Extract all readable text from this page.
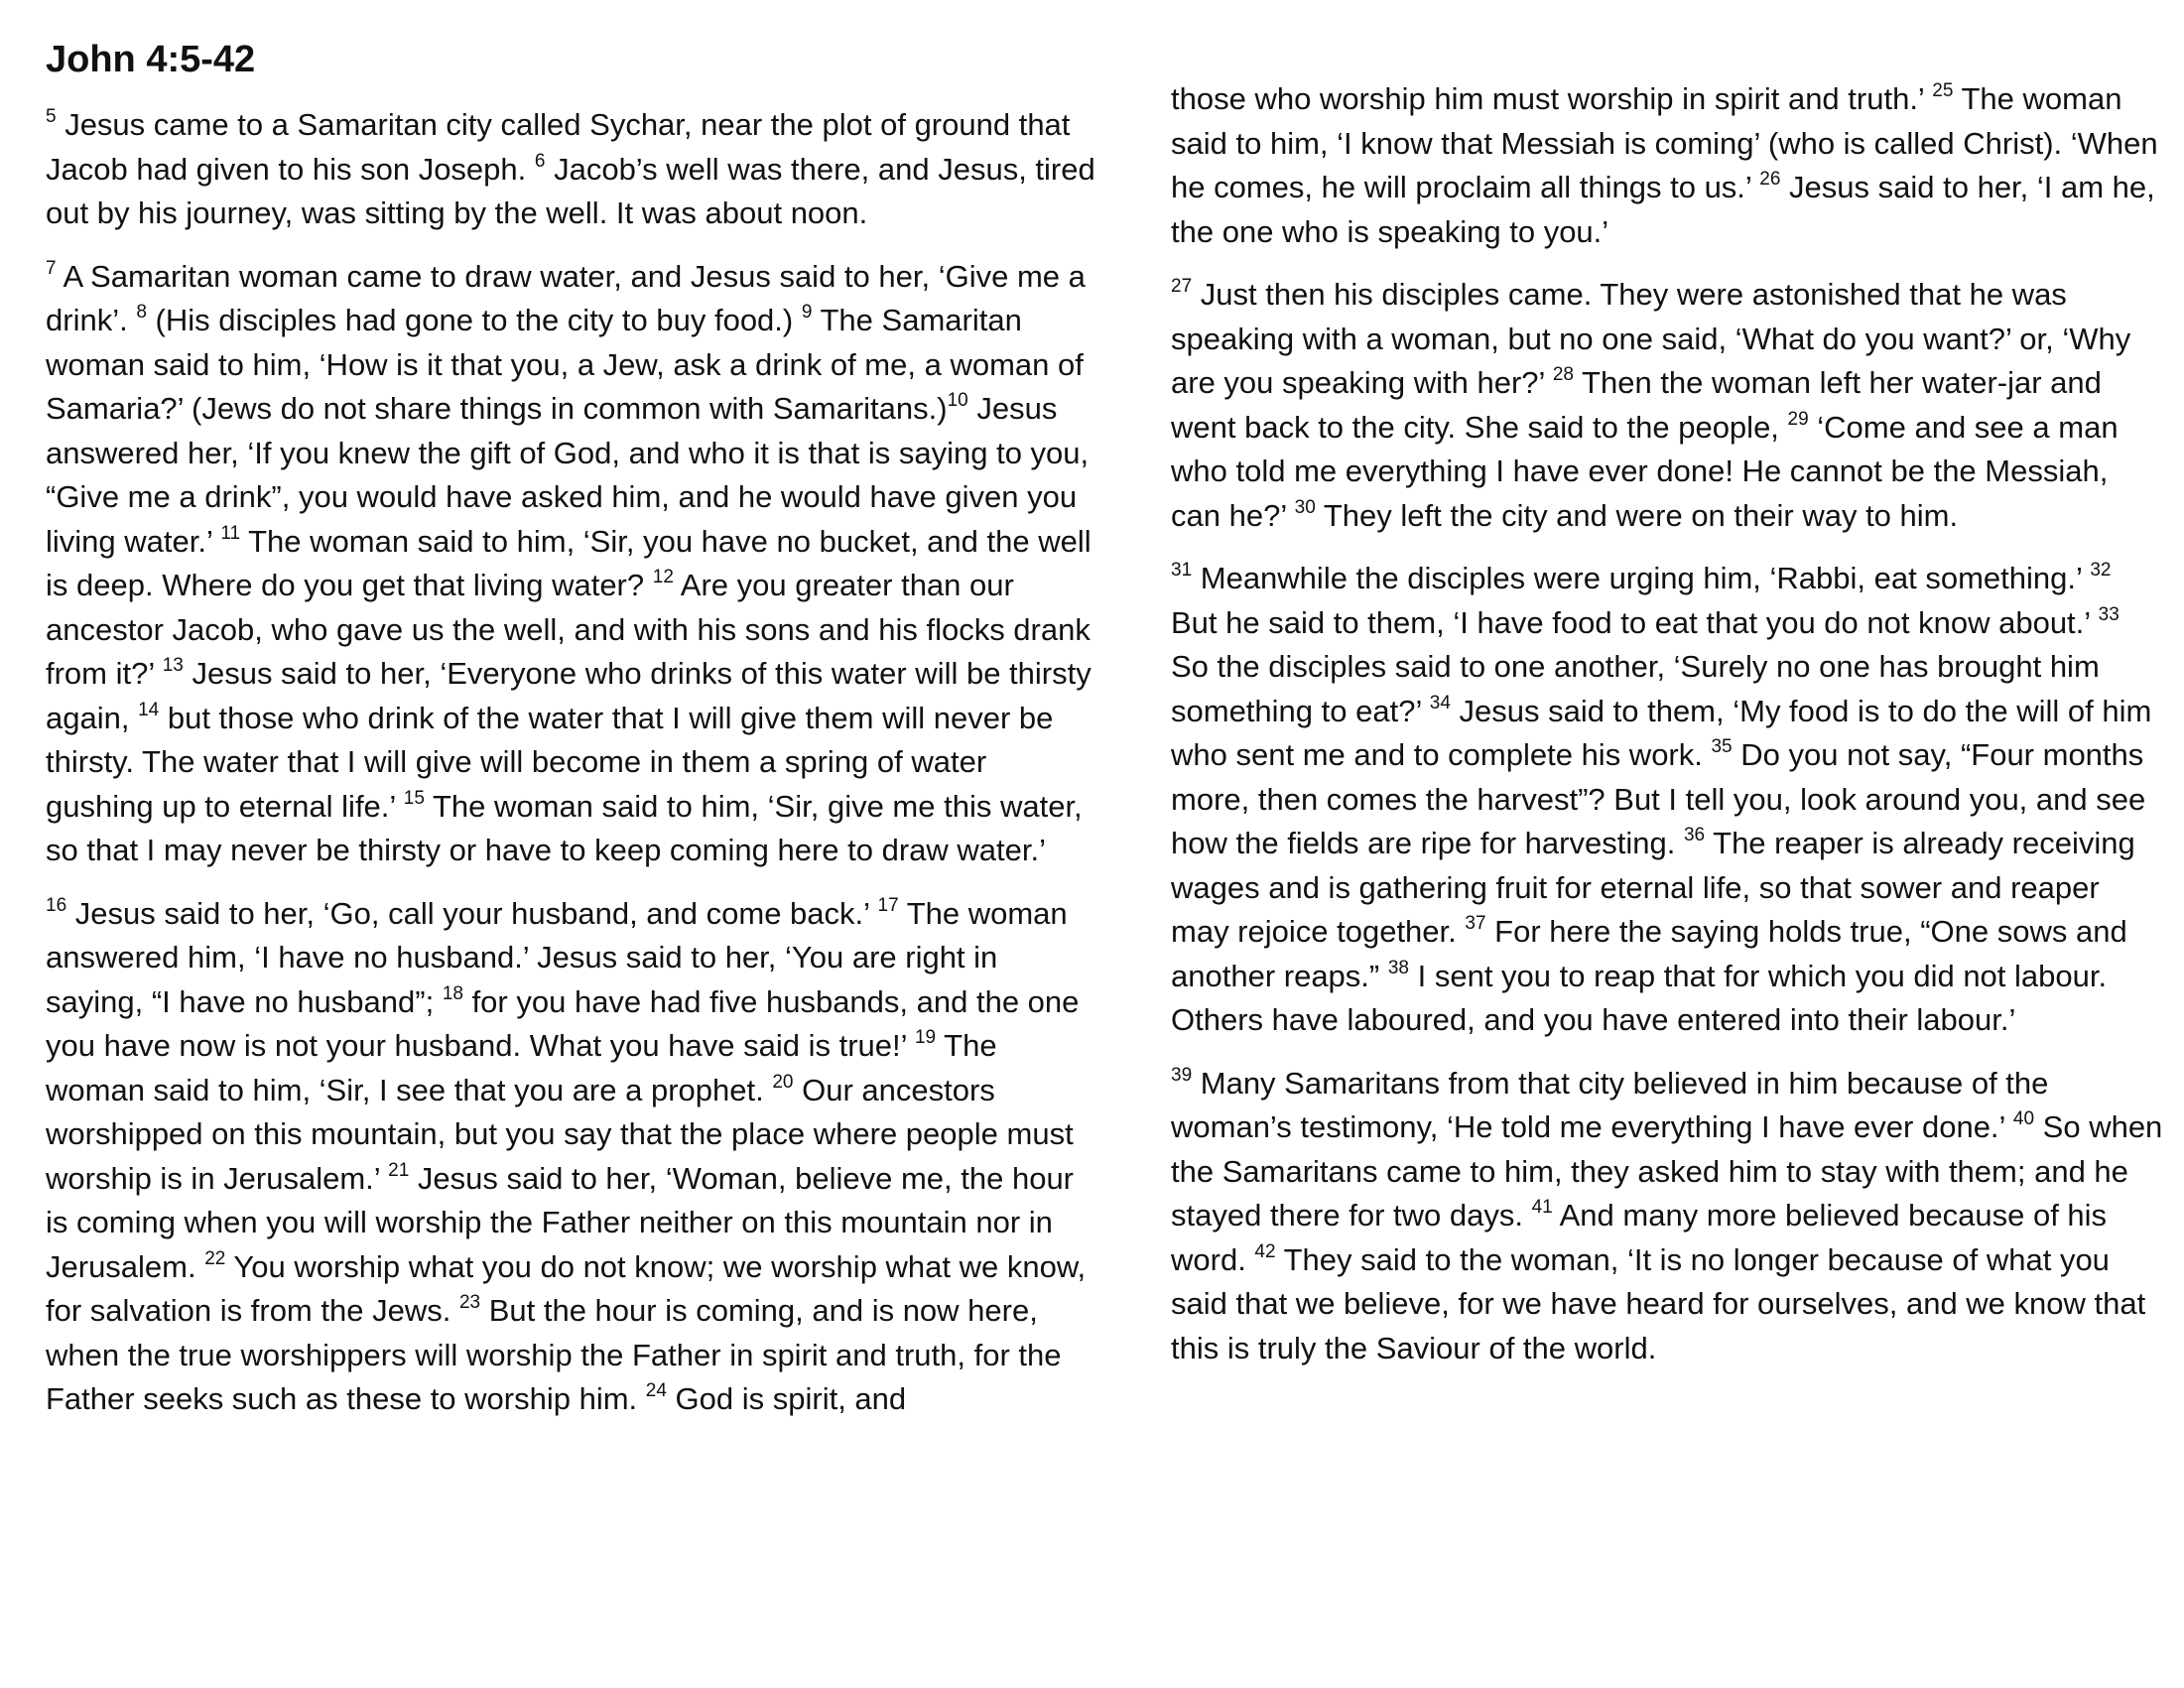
John 4:5-42

$^5$ Jesus came to a Samaritan city called Sychar, near the plot of ground that Jacob had given to his son Joseph. $^6$ Jacob’s well was there, and Jesus, tired out by his journey, was sitting by the well. It was about noon.

$^7$ A Samaritan woman came to draw water, and Jesus said to her, ‘Give me a drink’. $^8$ (His disciples had gone to the city to buy food.) $^9$ The Samaritan woman said to him, ‘How is it that you, a Jew, ask a drink of me, a woman of Samaria?’ (Jews do not share things in common with Samaritans.)$^{10}$ Jesus answered her, ‘If you knew the gift of God, and who it is that is saying to you, “Give me a drink”, you would have asked him, and he would have given you living water.’ $^{11}$ The woman said to him, ‘Sir, you have no bucket, and the well is deep. Where do you get that living water? $^{12}$ Are you greater than our ancestor Jacob, who gave us the well, and with his sons and his flocks drank from it?’ $^{13}$ Jesus said to her, ‘Everyone who drinks of this water will be thirsty again, $^{14}$ but those who drink of the water that I will give them will never be thirsty. The water that I will give will become in them a spring of water gushing up to eternal life.’ $^{15}$ The woman said to him, ‘Sir, give me this water, so that I may never be thirsty or have to keep coming here to draw water.’

$^{16}$ Jesus said to her, ‘Go, call your husband, and come back.’ $^{17}$ The woman answered him, ‘I have no husband.’ Jesus said to her, ‘You are right in saying, “I have no husband”; $^{18}$ for you have had five husbands, and the one you have now is not your husband. What you have said is true!’ $^{19}$ The woman said to him, ‘Sir, I see that you are a prophet. $^{20}$ Our ancestors worshipped on this mountain, but you say that the place where people must worship is in Jerusalem.’ $^{21}$ Jesus said to her, ‘Woman, believe me, the hour is coming when you will worship the Father neither on this mountain nor in Jerusalem. $^{22}$ You worship what you do not know; we worship what we know, for salvation is from the Jews. $^{23}$ But the hour is coming, and is now here, when the true worshippers will worship the Father in spirit and truth, for the Father seeks such as these to worship him. $^{24}$ God is spirit, and

those who worship him must worship in spirit and truth.’ $^{25}$ The woman said to him, ‘I know that Messiah is coming’ (who is called Christ). ‘When he comes, he will proclaim all things to us.’ $^{26}$ Jesus said to her, ‘I am he, the one who is speaking to you.’

$^{27}$ Just then his disciples came. They were astonished that he was speaking with a woman, but no one said, ‘What do you want?’ or, ‘Why are you speaking with her?’ $^{28}$ Then the woman left her water-jar and went back to the city. She said to the people, $^{29}$ ‘Come and see a man who told me everything I have ever done! He cannot be the Messiah, can he?’ $^{30}$ They left the city and were on their way to him.

$^{31}$ Meanwhile the disciples were urging him, ‘Rabbi, eat something.’ $^{32}$ But he said to them, ‘I have food to eat that you do not know about.’ $^{33}$ So the disciples said to one another, ‘Surely no one has brought him something to eat?’ $^{34}$ Jesus said to them, ‘My food is to do the will of him who sent me and to complete his work. $^{35}$ Do you not say, “Four months more, then comes the harvest”? But I tell you, look around you, and see how the fields are ripe for harvesting. $^{36}$ The reaper is already receiving wages and is gathering fruit for eternal life, so that sower and reaper may rejoice together. $^{37}$ For here the saying holds true, “One sows and another reaps.” $^{38}$ I sent you to reap that for which you did not labour. Others have laboured, and you have entered into their labour.’

$^{39}$ Many Samaritans from that city believed in him because of the woman’s testimony, ‘He told me everything I have ever done.’ $^{40}$ So when the Samaritans came to him, they asked him to stay with them; and he stayed there for two days. $^{41}$ And many more believed because of his word. $^{42}$ They said to the woman, ‘It is no longer because of what you said that we believe, for we have heard for ourselves, and we know that this is truly the Saviour of the world.
